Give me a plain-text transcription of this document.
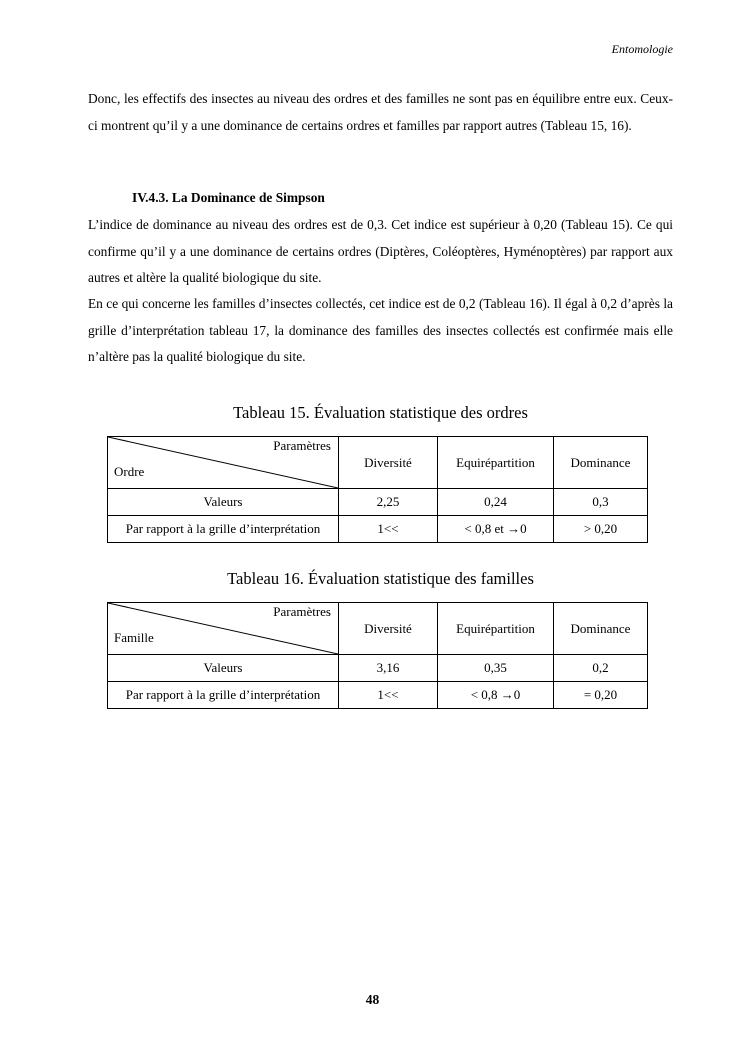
Entomologie

Donc, les effectifs des insectes au niveau des ordres et des familles ne sont pas en équilibre entre eux. Ceux-ci montrent qu’il y a une dominance de certains ordres et familles par rapport autres (Tableau 15, 16).

IV.4.3. La Dominance de Simpson

L’indice de dominance au niveau des ordres est de 0,3. Cet indice est supérieur à 0,20 (Tableau 15). Ce qui confirme qu’il y a une dominance de certains ordres (Diptères, Coléoptères, Hyménoptères) par rapport aux autres et altère la qualité biologique du site.

En ce qui concerne les familles d’insectes collectés, cet indice est de 0,2 (Tableau 16). Il égal à 0,2 d’après la grille d’interprétation tableau 17, la dominance des familles des insectes collectés est confirmée mais elle n’altère pas la qualité biologique du site.

Tableau 15. Évaluation statistique des ordres
Paramètres
Ordre	Diversité	Equirépartition	Dominance
Valeurs	2,25	0,24	0,3
Par rapport à la grille d’interprétation	1<<	< 0,8 et →0	> 0,20
Tableau 16. Évaluation statistique des familles
Paramètres
Famille	Diversité	Equirépartition	Dominance
Valeurs	3,16	0,35	0,2
Par rapport à la grille d’interprétation	1<<	< 0,8 →0	= 0,20
48
